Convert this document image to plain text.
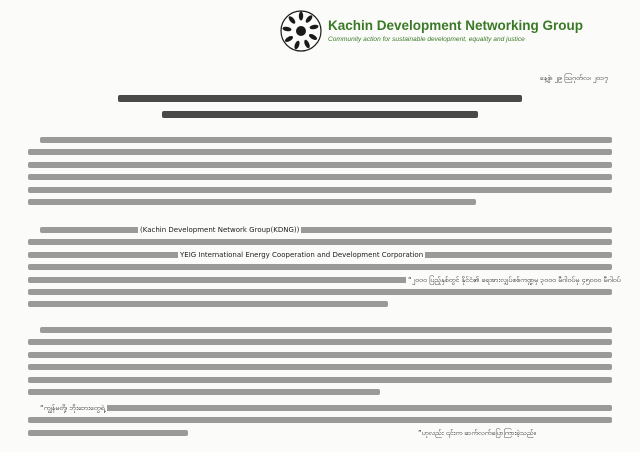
Kachin Development Networking Group
Community action for sustainable development, equality and justice
နေ့စွဲ၊ ၂၉ ဩဂုတ်လ၊ ၂၀၁၇
(Kachin Development Network Group(KDNG))
YEIG International Energy Cooperation and Development Corporation
“၂၀၀၀ ပြည့်နှစ်တွင် နိုင်ငံ၏ ရေအားလျှပ်စစ်ကဏ္ဍမှ ၃၀၀၀ မီဂါဝပ်မှ ၄၅၀၀၀ မီဂါဝပ်
“ကျွန်မတို့၊ ဘိုးဘေးတွေရဲ့
”ဟုလည်း ၎င်းက ဆက်လက်ပြောကြားခဲ့သည်။
